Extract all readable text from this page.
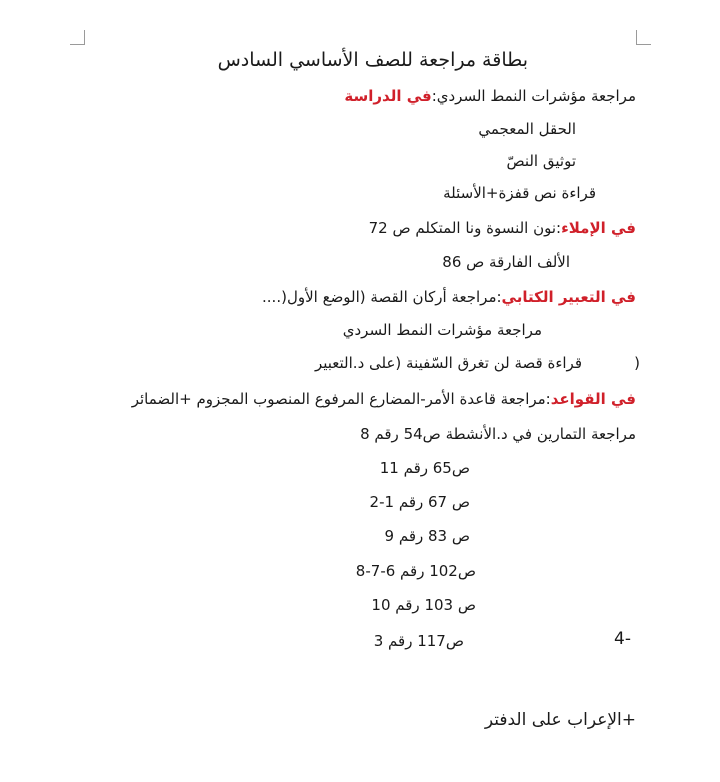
بطاقة مراجعة للصف الأساسي السادس
مراجعة مؤشرات النمط السردي:في الدراسة
الحقل المعجمي
توثيق النصّ
قراءة نص قفزة+الأسئلة
في الإملاء:نون النسوة ونا المتكلم ص 72
الألف الفارقة ص 86
في التعبير الكتابي:مراجعة أركان القصة (الوضع الأول(....
مراجعة مؤشرات النمط السردي
قراءة قصة لن تغرق السّفينة (على د.التعبير	(
في القواعد:مراجعة قاعدة الأمر-المضارع المرفوع المنصوب المجزوم +الضمائر
مراجعة التمارين في د.الأنشطة ص54 رقم 8
ص65 رقم 11
ص 67 رقم 1-2
ص 83 رقم 9
ص102 رقم 6-7-8
ص 103 رقم 10
ص117 رقم 3	4-
+الإعراب على الدفتر
